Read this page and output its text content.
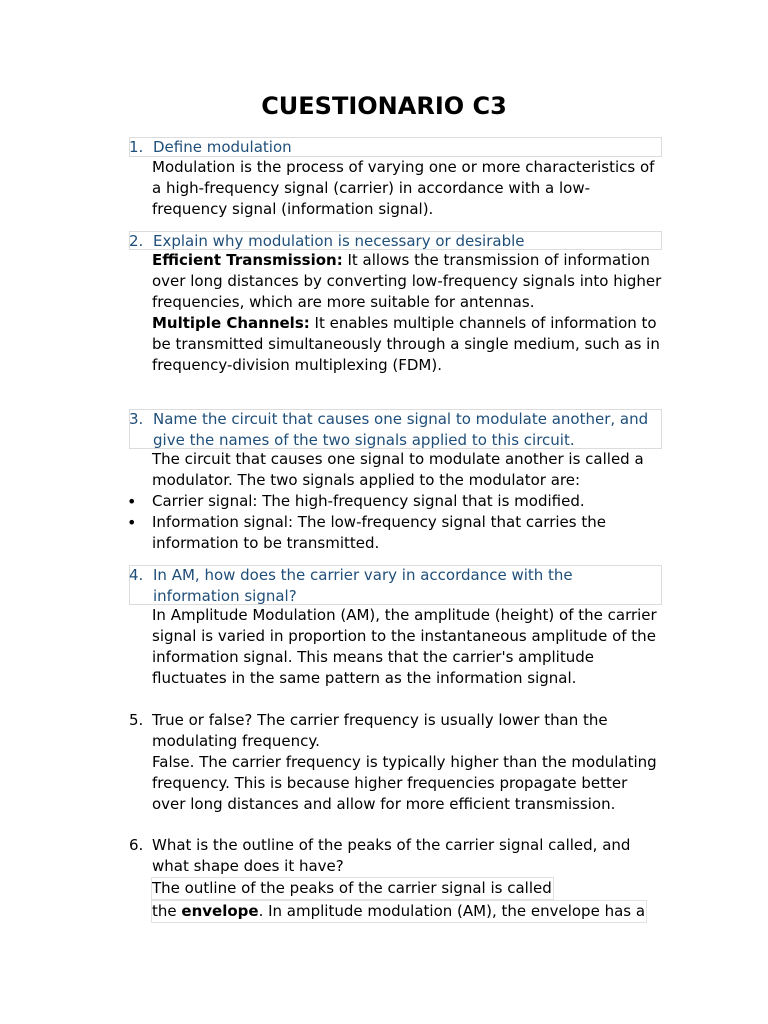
CUESTIONARIO C3
1. Define modulation
Modulation is the process of varying one or more characteristics of a high-frequency signal (carrier) in accordance with a low-frequency signal (information signal).
2. Explain why modulation is necessary or desirable
Efficient Transmission: It allows the transmission of information over long distances by converting low-frequency signals into higher frequencies, which are more suitable for antennas.
Multiple Channels: It enables multiple channels of information to be transmitted simultaneously through a single medium, such as in frequency-division multiplexing (FDM).
3. Name the circuit that causes one signal to modulate another, and give the names of the two signals applied to this circuit.
The circuit that causes one signal to modulate another is called a modulator. The two signals applied to the modulator are:
• Carrier signal: The high-frequency signal that is modified.
• Information signal: The low-frequency signal that carries the information to be transmitted.
4. In AM, how does the carrier vary in accordance with the information signal?
In Amplitude Modulation (AM), the amplitude (height) of the carrier signal is varied in proportion to the instantaneous amplitude of the information signal. This means that the carrier's amplitude fluctuates in the same pattern as the information signal.
5. True or false? The carrier frequency is usually lower than the modulating frequency.
False. The carrier frequency is typically higher than the modulating frequency. This is because higher frequencies propagate better over long distances and allow for more efficient transmission.
6. What is the outline of the peaks of the carrier signal called, and what shape does it have?
The outline of the peaks of the carrier signal is called
the envelope. In amplitude modulation (AM), the envelope has a
